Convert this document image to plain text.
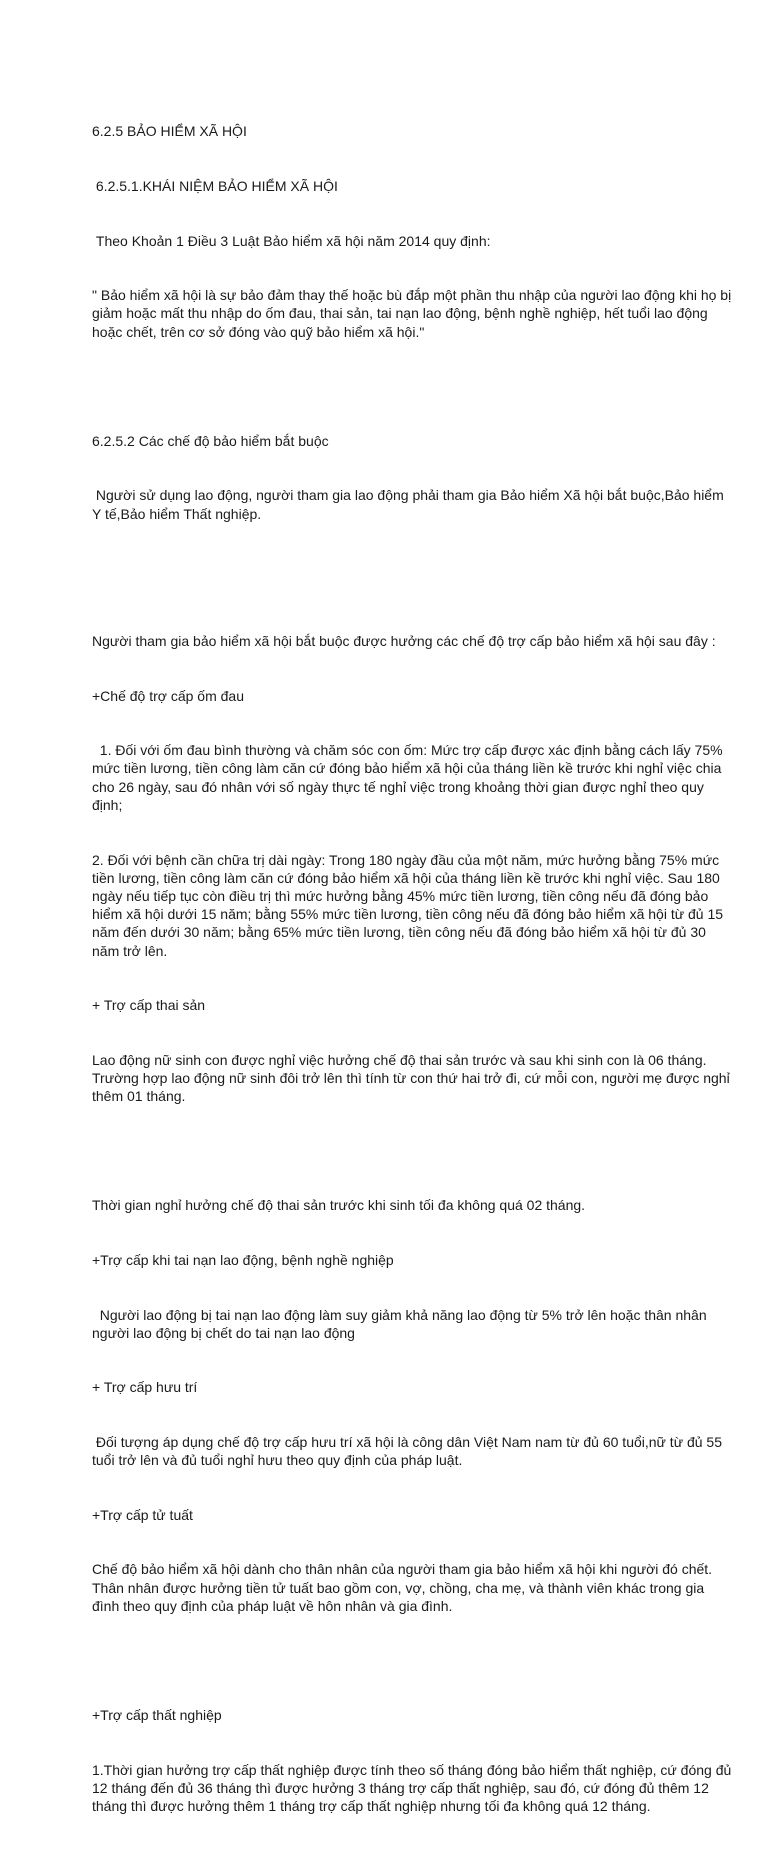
6.2.5 BẢO HIỂM XÃ HỘI

6.2.5.1.KHÁI NIỆM BẢO HIỂM XÃ HỘI

Theo Khoản 1 Điều 3 Luật Bảo hiểm xã hội năm 2014 quy định:

" Bảo hiểm xã hội là sự bảo đảm thay thế hoặc bù đắp một phần thu nhập của người lao động khi họ bị giảm hoặc mất thu nhập do ốm đau, thai sản, tai nạn lao động, bệnh nghề nghiệp, hết tuổi lao động hoặc chết, trên cơ sở đóng vào quỹ bảo hiểm xã hội."

6.2.5.2 Các chế độ bảo hiểm bắt buộc

Người sử dụng lao động, người tham gia lao động phải tham gia Bảo hiểm Xã hội bắt buộc,Bảo hiểm Y tế,Bảo hiểm Thất nghiệp.

Người tham gia bảo hiểm xã hội bắt buộc được hưởng các chế độ trợ cấp bảo hiểm xã hội sau đây :

+Chế độ trợ cấp ốm đau

1. Đối với ốm đau bình thường và chăm sóc con ốm: Mức trợ cấp được xác định bằng cách lấy 75% mức tiền lương, tiền công làm căn cứ đóng bảo hiểm xã hội của tháng liền kề trước khi nghỉ việc chia cho 26 ngày, sau đó nhân với số ngày thực tế nghỉ việc trong khoảng thời gian được nghỉ theo quy định;

2. Đối với bệnh cần chữa trị dài ngày: Trong 180 ngày đầu của một năm, mức hưởng bằng 75% mức tiền lương, tiền công làm căn cứ đóng bảo hiểm xã hội của tháng liền kề trước khi nghỉ việc. Sau 180 ngày nếu tiếp tục còn điều trị thì mức hưởng bằng 45% mức tiền lương, tiền công nếu đã đóng bảo hiểm xã hội dưới 15 năm; bằng 55% mức tiền lương, tiền công nếu đã đóng bảo hiểm xã hội từ đủ 15 năm đến dưới 30 năm; bằng 65% mức tiền lương, tiền công nếu đã đóng bảo hiểm xã hội từ đủ 30 năm trở lên.

+ Trợ cấp thai sản

Lao động nữ sinh con được nghỉ việc hưởng chế độ thai sản trước và sau khi sinh con là 06 tháng. Trường hợp lao động nữ sinh đôi trở lên thì tính từ con thứ hai trở đi, cứ mỗi con, người mẹ được nghỉ thêm 01 tháng.

Thời gian nghỉ hưởng chế độ thai sản trước khi sinh tối đa không quá 02 tháng.

+Trợ cấp khi tai nạn lao động, bệnh nghề nghiệp

Người lao động bị tai nạn lao động làm suy giảm khả năng lao động từ 5% trở lên hoặc thân nhân người lao động bị chết do tai nạn lao động

+ Trợ cấp hưu trí

Đối tượng áp dụng chế độ trợ cấp hưu trí xã hội là công dân Việt Nam nam từ đủ 60 tuổi,nữ từ đủ 55 tuổi trở lên và đủ tuổi nghỉ hưu theo quy định của pháp luật.

+Trợ cấp tử tuất

Chế độ bảo hiểm xã hội dành cho thân nhân của người tham gia bảo hiểm xã hội khi người đó chết. Thân nhân được hưởng tiền tử tuất bao gồm con, vợ, chồng, cha mẹ, và thành viên khác trong gia đình theo quy định của pháp luật về hôn nhân và gia đình.

+Trợ cấp thất nghiệp

1.Thời gian hưởng trợ cấp thất nghiệp được tính theo số tháng đóng bảo hiểm thất nghiệp, cứ đóng đủ 12 tháng đến đủ 36 tháng thì được hưởng 3 tháng trợ cấp thất nghiệp, sau đó, cứ đóng đủ thêm 12 tháng thì được hưởng thêm 1 tháng trợ cấp thất nghiệp nhưng tối đa không quá 12 tháng.
